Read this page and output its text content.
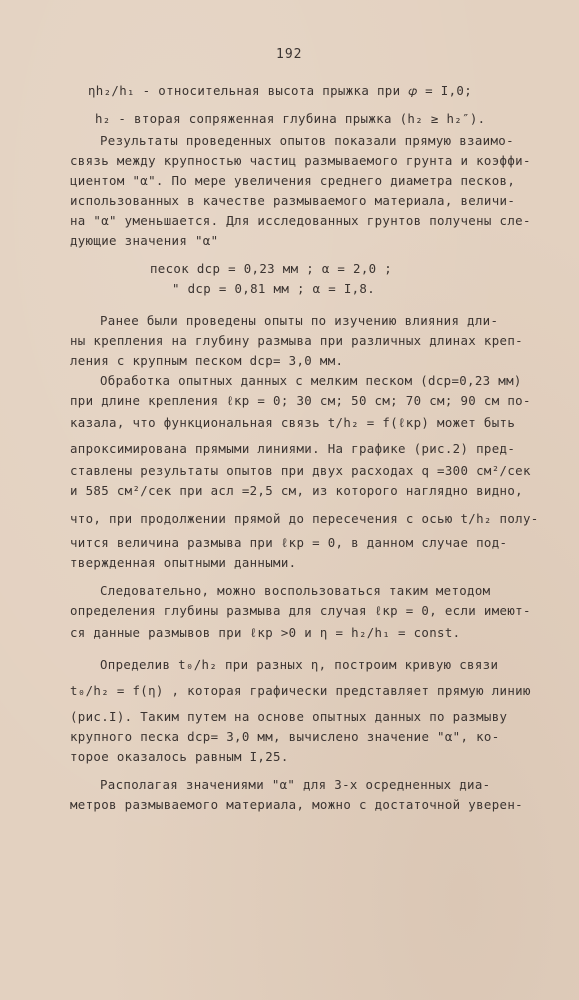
192
ηh₂/h₁ - относительная высота прыжка при 𝜑 = I,0;
h₂ - вторая сопряженная глубина прыжка (h₂ ≥ h₂″).
Результаты проведенных опытов показали прямую взаимо-
связь между крупностью частиц размываемого грунта и коэффи-
циентом "α". По мере увеличения среднего диаметра песков,
использованных в качестве размываемого материала, величи-
на "α" уменьшается. Для исследованных грунтов получены сле-
дующие значения "α"
песок dср = 0,23 мм ; α = 2,0 ;
" dср = 0,81 мм ; α = I,8.
Ранее были проведены опыты по изучению влияния дли-
ны крепления на глубину размыва при различных длинах креп-
ления с крупным песком dср= 3,0 мм.
Обработка опытных данных с мелким песком (dср=0,23 мм)
при длине крепления ℓкр = 0; 30 см; 50 см; 70 см; 90 см по-
казала, что функциональная связь t/h₂ = f(ℓкр) может быть
апроксимирована прямыми линиями. На графике (рис.2) пред-
ставлены результаты опытов при двух расходах q =300 см²/сек
и 585 см²/сек при aсл =2,5 см, из которого наглядно видно,
что, при продолжении прямой до пересечения с осью t/h₂ полу-
чится величина размыва при ℓкр = 0, в данном случае под-
твержденная опытными данными.
Следовательно, можно воспользоваться таким методом
определения глубины размыва для случая ℓкр = 0, если имеют-
ся данные размывов при ℓкр >0 и η = h₂/h₁ = const.
Определив t₀/h₂ при разных η, построим кривую связи
t₀/h₂ = f(η) , которая графически представляет прямую линию
(рис.I). Таким путем на основе опытных данных по размыву
крупного песка dср= 3,0 мм, вычислено значение "α", ко-
торое оказалось равным I,25.
Располагая значениями "α" для 3-х осредненных диа-
метров размываемого материала, можно с достаточной уверен-
